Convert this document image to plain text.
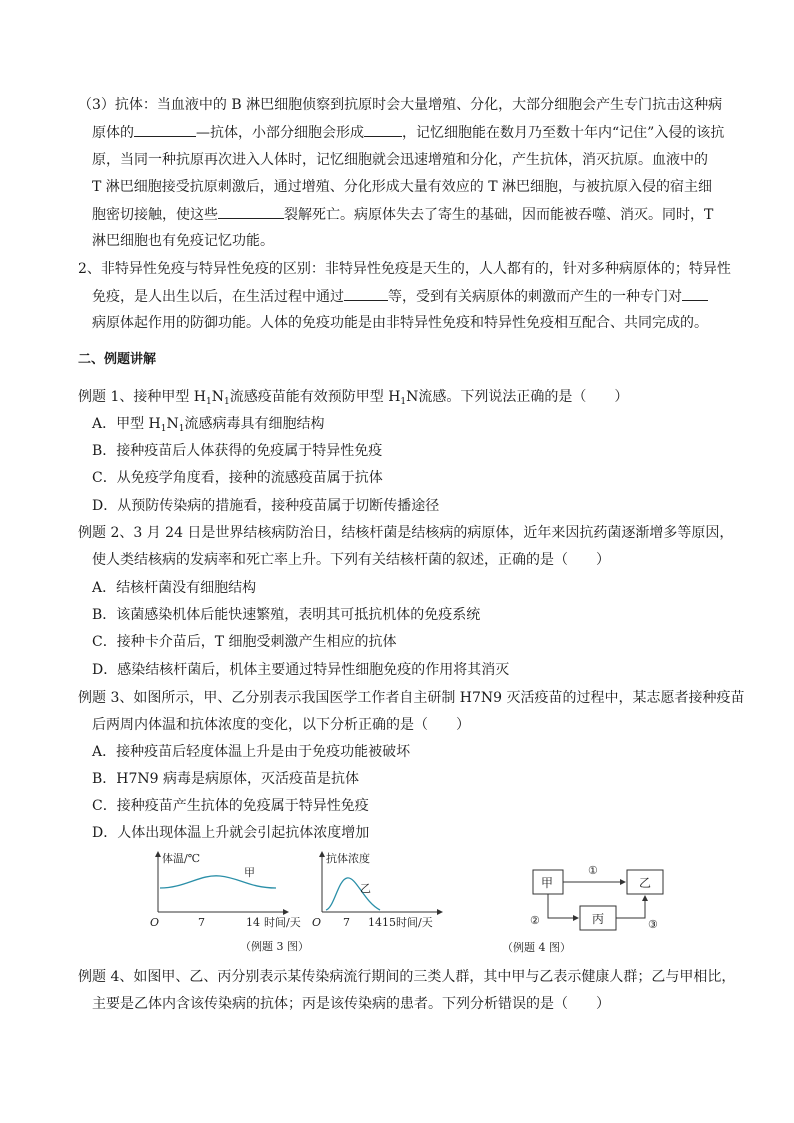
（3）抗体：当血液中的 B 淋巴细胞侦察到抗原时会大量增殖、分化，大部分细胞会产生专门抗击这种病
原体的	—抗体，小部分细胞会形成	，记忆细胞能在数月乃至数十年内“记住”入侵的该抗
原，当同一种抗原再次进入人体时，记忆细胞就会迅速增殖和分化，产生抗体，消灭抗原。血液中的
T 淋巴细胞接受抗原刺激后，通过增殖、分化形成大量有效应的 T 淋巴细胞，与被抗原入侵的宿主细
胞密切接触，使这些	裂解死亡。病原体失去了寄生的基础，因而能被吞噬、消灭。同时，T
淋巴细胞也有免疫记忆功能。
2、非特异性免疫与特异性免疫的区别：非特异性免疫是天生的，人人都有的，针对多种病原体的；特异性
免疫，是人出生以后，在生活过程中通过	等，受到有关病原体的刺激而产生的一种专门对
病原体起作用的防御功能。人体的免疫功能是由非特异性免疫和特异性免疫相互配合、共同完成的。
二、例题讲解
例题 1、接种甲型 $H_1N_1$流感疫苗能有效预防甲型 $H_1N$流感。下列说法正确的是（　　）
A．甲型 $H_1N_1$流感病毒具有细胞结构
B．接种疫苗后人体获得的免疫属于特异性免疫
C．从免疫学角度看，接种的流感疫苗属于抗体
D．从预防传染病的措施看，接种疫苗属于切断传播途径
例题 2、3 月 24 日是世界结核病防治日，结核杆菌是结核病的病原体，近年来因抗药菌逐渐增多等原因，
使人类结核病的发病率和死亡率上升。下列有关结核杆菌的叙述，正确的是（　　）
A．结核杆菌没有细胞结构
B．该菌感染机体后能快速繁殖，表明其可抵抗机体的免疫系统
C．接种卡介苗后，T 细胞受刺激产生相应的抗体
D．感染结核杆菌后，机体主要通过特异性细胞免疫的作用将其消灭
例题 3、如图所示，甲、乙分别表示我国医学工作者自主研制 H7N9 灭活疫苗的过程中，某志愿者接种疫苗
后两周内体温和抗体浓度的变化，以下分析正确的是（　　）
A．接种疫苗后轻度体温上升是由于免疫功能被破坏
B．H7N9 病毒是病原体，灭活疫苗是抗体
C．接种疫苗产生抗体的免疫属于特异性免疫
D．人体出现体温上升就会引起抗体浓度增加
体温/℃
甲
O	7	14 时间/天
抗体浓度
乙
O 7 1415 时间/天
（例题 3 图）
甲	乙
丙
①
②	③
（例题 4 图）
例题 4、如图甲、乙、丙分别表示某传染病流行期间的三类人群，其中甲与乙表示健康人群；乙与甲相比，
主要是乙体内含该传染病的抗体；丙是该传染病的患者。下列分析错误的是（　　）
